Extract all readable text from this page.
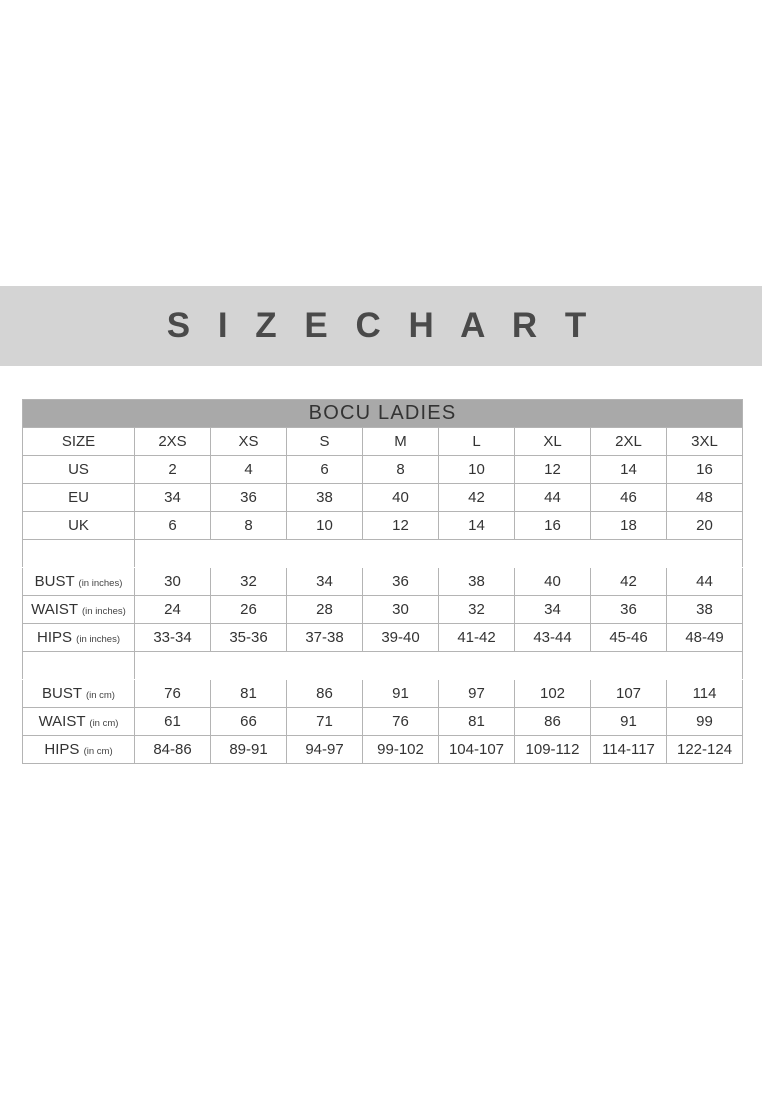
S I Z E C H A R T
BOCU LADIES								
SIZE	2XS	XS	S	M	L	XL	2XL	3XL
US	2	4	6	8	10	12	14	16
EU	34	36	38	40	42	44	46	48
UK	6	8	10	12	14	16	18	20

BUST (in inches)	30	32	34	36	38	40	42	44
WAIST (in inches)	24	26	28	30	32	34	36	38
HIPS (in inches)	33-34	35-36	37-38	39-40	41-42	43-44	45-46	48-49

BUST (in cm)	76	81	86	91	97	102	107	114
WAIST (in cm)	61	66	71	76	81	86	91	99
HIPS (in cm)	84-86	89-91	94-97	99-102	104-107	109-112	114-117	122-124
